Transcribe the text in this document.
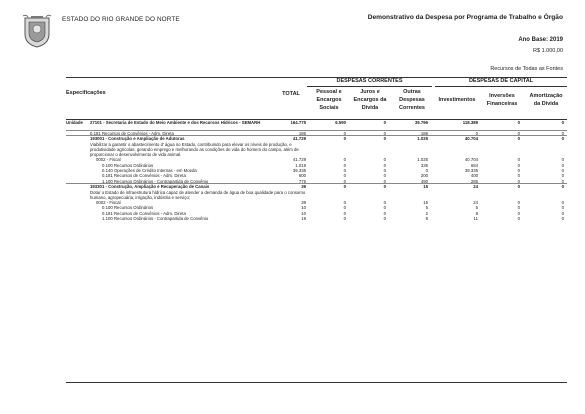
ESTADO DO RIO GRANDE DO NORTE	Demonstrativo da Despesa por Programa de Trabalho e Órgão
Ano Base: 2019
R$ 1.000,00
Recursos de Todas as Fontes
DESPESAS CORRENTES	DESPESAS DE CAPITAL
Especificações	TOTAL	Pessoal e
Encargos
Sociais
Juros e
Encargos da
Dívida
Outras
Despesas
Correntes
Investimentos
Inversões
Financeiras
Amortização
da Dívida
Unidade 27101 - Secretaria de Estado do Meio Ambiente e dos Recursos Hídricos - SEMARH	164.775	6.590	0	39.796	118.389	0	0
0.181 Recursos de Convênios - Adm. Direta	186	0	0	186	0	0	0
193001 - Construção e Ampliação de Adutoras	41.729	0	0	1.025	40.704	0	0
Viabilizar a garantir o abastecimento d' água no Estado, contribuindo para elevar os níveis de produção, e produtividade agrícolas, gerando emprego e melhorando as condições de vida do homem do campo, além de proporcionar o desenvolvimento de vida animal.
0002 - Fiscal	41.729	0	0	1.025	40.704	0	0
0.100 Recursos Ordinários	1.019	0	0	335	684	0	0
0.140 Operações de Crédito Internas - em Moeda	39.335	0	0	0	39.335	0	0
0.181 Recursos de Convênios - Adm. Direta	600	0	0	200	400	0	0
1.100 Recursos Ordinários - Contrapartida de Convênio	775	0	0	490	285	0	0
193301 - Construção, Ampliação e Recuperação de Canais	39	0	0	15	24	0	0
Dotar o Estado de infraestrutura hídrica capaz de atender a demanda de água de boa qualidade para o consumo humano, agropecuária, irrigação, indústria e serviço;
0002 - Fiscal	39	0	0	15	24	0	0
0.100 Recursos Ordinários	10	0	0	5	5	0	0
0.181 Recursos de Convênios - Adm. Direta	10	0	0	2	8	0	0
1.100 Recursos Ordinários - Contrapartida de Convênio	19	0	0	8	11	0	0
